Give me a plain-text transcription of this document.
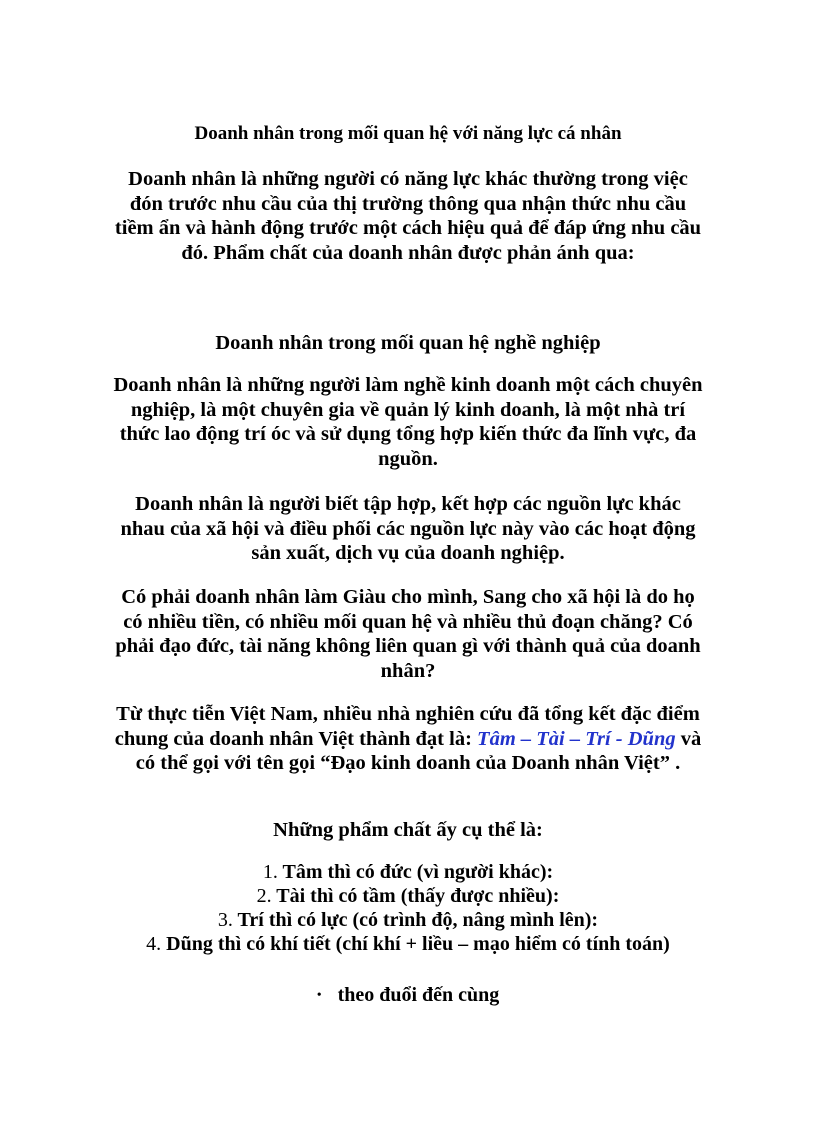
Doanh nhân trong mối quan hệ với năng lực cá nhân

Doanh nhân là những người có năng lực khác thường trong việc đón trước nhu cầu của thị trường thông qua nhận thức nhu cầu tiềm ẩn và hành động trước một cách hiệu quả để đáp ứng nhu cầu đó. Phẩm chất của doanh nhân được phản ánh qua:

Doanh nhân trong mối quan hệ nghề nghiệp

Doanh nhân là những người làm nghề kinh doanh một cách chuyên nghiệp, là một chuyên gia về quản lý kinh doanh, là một nhà trí thức lao động trí óc và sử dụng tổng hợp kiến thức đa lĩnh vực, đa nguồn.

Doanh nhân là người biết tập hợp, kết hợp các nguồn lực khác nhau của xã hội và điều phối các nguồn lực này vào các hoạt động sản xuất, dịch vụ của doanh nghiệp.

Có phải doanh nhân làm Giàu cho mình, Sang cho xã hội là do họ có nhiều tiền, có nhiều mối quan hệ và nhiều thủ đoạn chăng? Có phải đạo đức, tài năng không liên quan gì với thành quả của doanh nhân?

Từ thực tiễn Việt Nam, nhiều nhà nghiên cứu đã tổng kết đặc điểm chung của doanh nhân Việt thành đạt là: Tâm – Tài – Trí - Dũng và có thể gọi với tên gọi “Đạo kinh doanh của Doanh nhân Việt” .

Những phẩm chất ấy cụ thể là:

1. Tâm thì có đức (vì người khác):
2. Tài thì có tầm (thấy được nhiều):
3. Trí thì có lực (có trình độ, nâng mình lên):
4. Dũng thì có khí tiết (chí khí + liều – mạo hiểm có tính toán)
• theo đuổi đến cùng
